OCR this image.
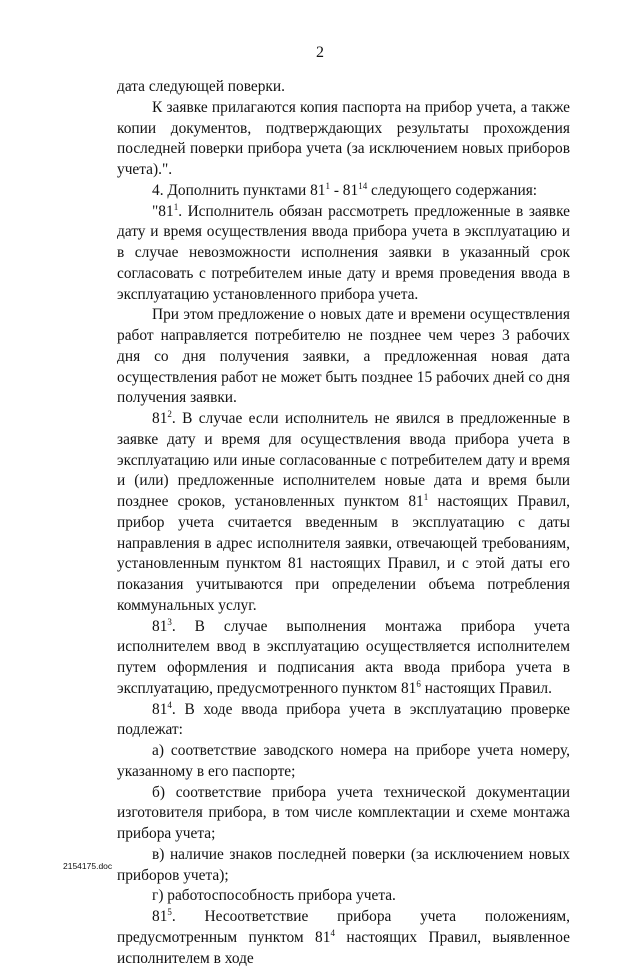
2

дата следующей поверки.

К заявке прилагаются копия паспорта на прибор учета, а также копии документов, подтверждающих результаты прохождения последней поверки прибора учета (за исключением новых приборов учета).".

4. Дополнить пунктами $81^1 - 81^{14}$ следующего содержания:

"$81^1$. Исполнитель обязан рассмотреть предложенные в заявке дату и время осуществления ввода прибора учета в эксплуатацию и в случае невозможности исполнения заявки в указанный срок согласовать с потребителем иные дату и время проведения ввода в эксплуатацию установленного прибора учета.

При этом предложение о новых дате и времени осуществления работ направляется потребителю не позднее чем через 3 рабочих дня со дня получения заявки, а предложенная новая дата осуществления работ не может быть позднее 15 рабочих дней со дня получения заявки.

$81^2$. В случае если исполнитель не явился в предложенные в заявке дату и время для осуществления ввода прибора учета в эксплуатацию или иные согласованные с потребителем дату и время и (или) предложенные исполнителем новые дата и время были позднее сроков, установленных пунктом $81^1$ настоящих Правил, прибор учета считается введенным в эксплуатацию с даты направления в адрес исполнителя заявки, отвечающей требованиям, установленным пунктом 81 настоящих Правил, и с этой даты его показания учитываются при определении объема потребления коммунальных услуг.

$81^3$. В случае выполнения монтажа прибора учета исполнителем ввод в эксплуатацию осуществляется исполнителем путем оформления и подписания акта ввода прибора учета в эксплуатацию, предусмотренного пунктом $81^6$ настоящих Правил.

$81^4$. В ходе ввода прибора учета в эксплуатацию проверке подлежат:

а) соответствие заводского номера на приборе учета номеру, указанному в его паспорте;

б) соответствие прибора учета технической документации изготовителя прибора, в том числе комплектации и схеме монтажа прибора учета;

в) наличие знаков последней поверки (за исключением новых приборов учета);

г) работоспособность прибора учета.

$81^5$. Несоответствие прибора учета положениям, предусмотренным пунктом $81^4$ настоящих Правил, выявленное исполнителем в ходе

2154175.doc
